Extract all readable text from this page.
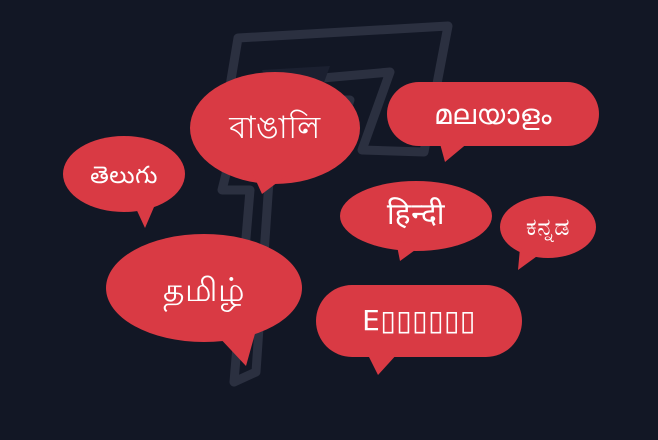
বাঙালি	മലയാളം
తెలుగు
हिन्दी	ಕನ್ನಡ
தமிழ்
E▯▯▯▯▯▯
